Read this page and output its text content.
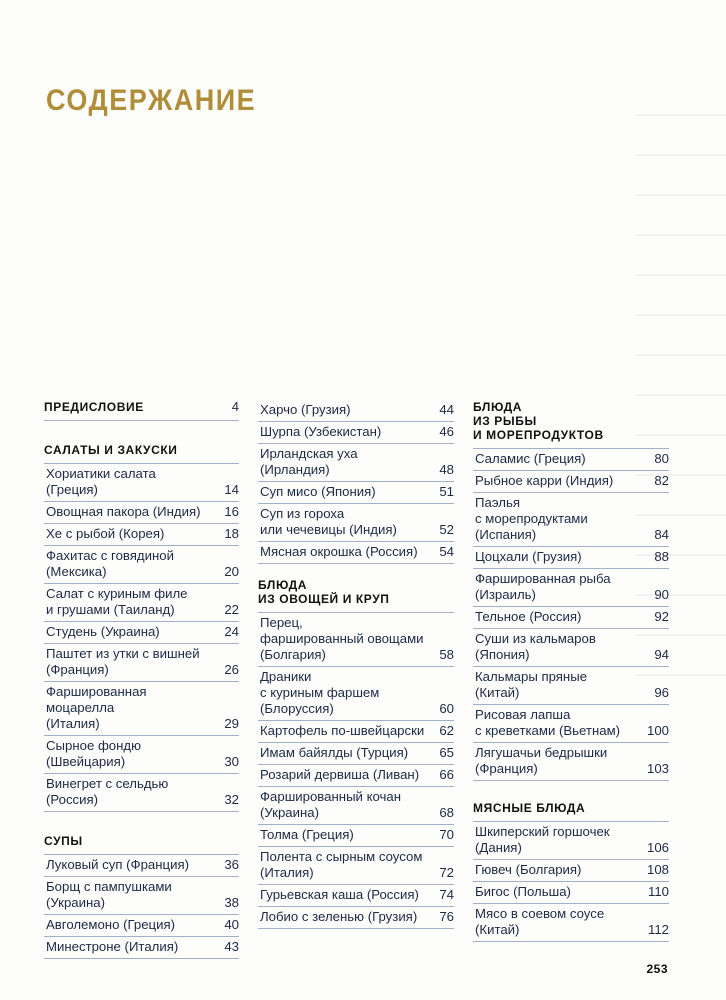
СОДЕРЖАНИЕ
ПРЕДИСЛОВИЕ	4
САЛАТЫ И ЗАКУСКИ
Хориатики салата
(Греция)	14
Овощная пакора (Индия)	16
Хе с рыбой (Корея)	18
Фахитас с говядиной
(Мексика)	20
Салат с куриным филе
и грушами (Таиланд)	22
Студень (Украина)	24
Паштет из утки с вишней
(Франция)	26
Фаршированная моцарелла
(Италия)	29
Сырное фондю
(Швейцария)	30
Винегрет с сельдью
(Россия)	32
СУПЫ
Луковый суп (Франция)	36
Борщ с пампушками
(Украина)	38
Авголемоно (Греция)	40
Минестроне (Италия)	43
Харчо (Грузия)	44
Шурпа (Узбекистан)	46
Ирландская уха
(Ирландия)	48
Суп мисо (Япония)	51
Суп из гороха
или чечевицы (Индия)	52
Мясная окрошка (Россия)	54
БЛЮДА
ИЗ ОВОЩЕЙ И КРУП
Перец,
фаршированный овощами
(Болгария)	58
Драники
с куриным фаршем
(Блоруссия)	60
Картофель по-швейцарски	62
Имам байялды (Турция)	65
Розарий дервиша (Ливан)	66
Фаршированный кочан
(Украина)	68
Толма (Греция)	70
Полента с сырным соусом
(Италия)	72
Гурьевская каша (Россия)	74
Лобио с зеленью (Грузия)	76
БЛЮДА
ИЗ РЫБЫ
И МОРЕПРОДУКТОВ
Саламис (Греция)	80
Рыбное карри (Индия)	82
Паэлья
с морепродуктами
(Испания)	84
Цоцхали (Грузия)	88
Фаршированная рыба
(Израиль)	90
Тельное (Россия)	92
Суши из кальмаров
(Япония)	94
Кальмары пряные
(Китай)	96
Рисовая лапша
с креветками (Вьетнам)	100
Лягушачьи бедрышки
(Франция)	103
МЯСНЫЕ БЛЮДА
Шкиперский горшочек
(Дания)	106
Гювеч (Болгария)	108
Бигос (Польша)	110
Мясо в соевом соусе
(Китай)	112
253
